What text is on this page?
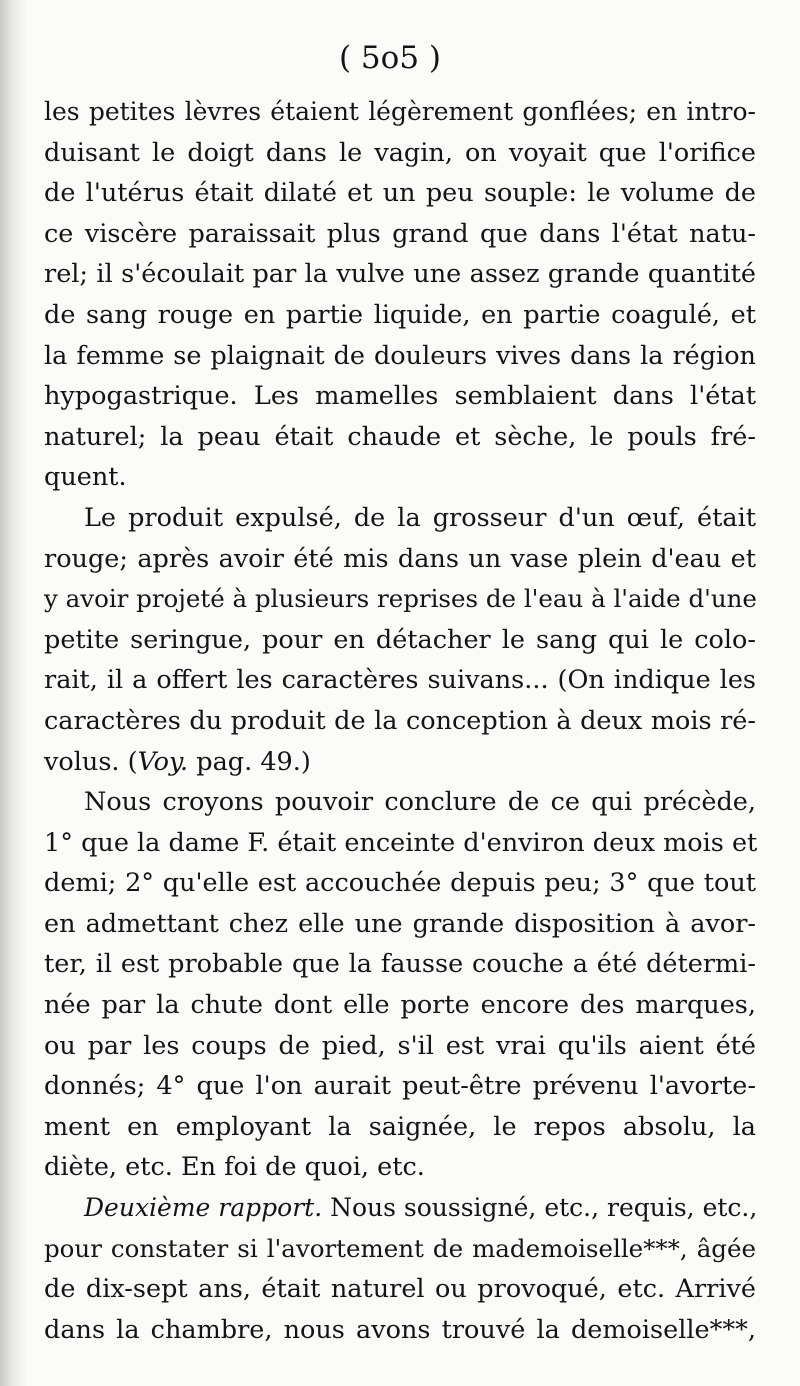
( 5o5 )
les petites lèvres étaient légèrement gonflées; en intro-
duisant le doigt dans le vagin, on voyait que l'orifice
de l'utérus était dilaté et un peu souple: le volume de
ce viscère paraissait plus grand que dans l'état natu-
rel; il s'écoulait par la vulve une assez grande quantité
de sang rouge en partie liquide, en partie coagulé, et
la femme se plaignait de douleurs vives dans la région
hypogastrique. Les mamelles semblaient dans l'état
naturel; la peau était chaude et sèche, le pouls fré-
quent.
Le produit expulsé, de la grosseur d'un œuf, était
rouge; après avoir été mis dans un vase plein d'eau et
y avoir projeté à plusieurs reprises de l'eau à l'aide d'une
petite seringue, pour en détacher le sang qui le colo-
rait, il a offert les caractères suivans... (On indique les
caractères du produit de la conception à deux mois ré-
volus. (Voy. pag. 49.)
Nous croyons pouvoir conclure de ce qui précède,
1° que la dame F. était enceinte d'environ deux mois et
demi; 2° qu'elle est accouchée depuis peu; 3° que tout
en admettant chez elle une grande disposition à avor-
ter, il est probable que la fausse couche a été détermi-
née par la chute dont elle porte encore des marques,
ou par les coups de pied, s'il est vrai qu'ils aient été
donnés; 4° que l'on aurait peut-être prévenu l'avorte-
ment en employant la saignée, le repos absolu, la
diète, etc. En foi de quoi, etc.
Deuxième rapport. Nous soussigné, etc., requis, etc.,
pour constater si l'avortement de mademoiselle***, âgée
de dix-sept ans, était naturel ou provoqué, etc. Arrivé
dans la chambre, nous avons trouvé la demoiselle***,
